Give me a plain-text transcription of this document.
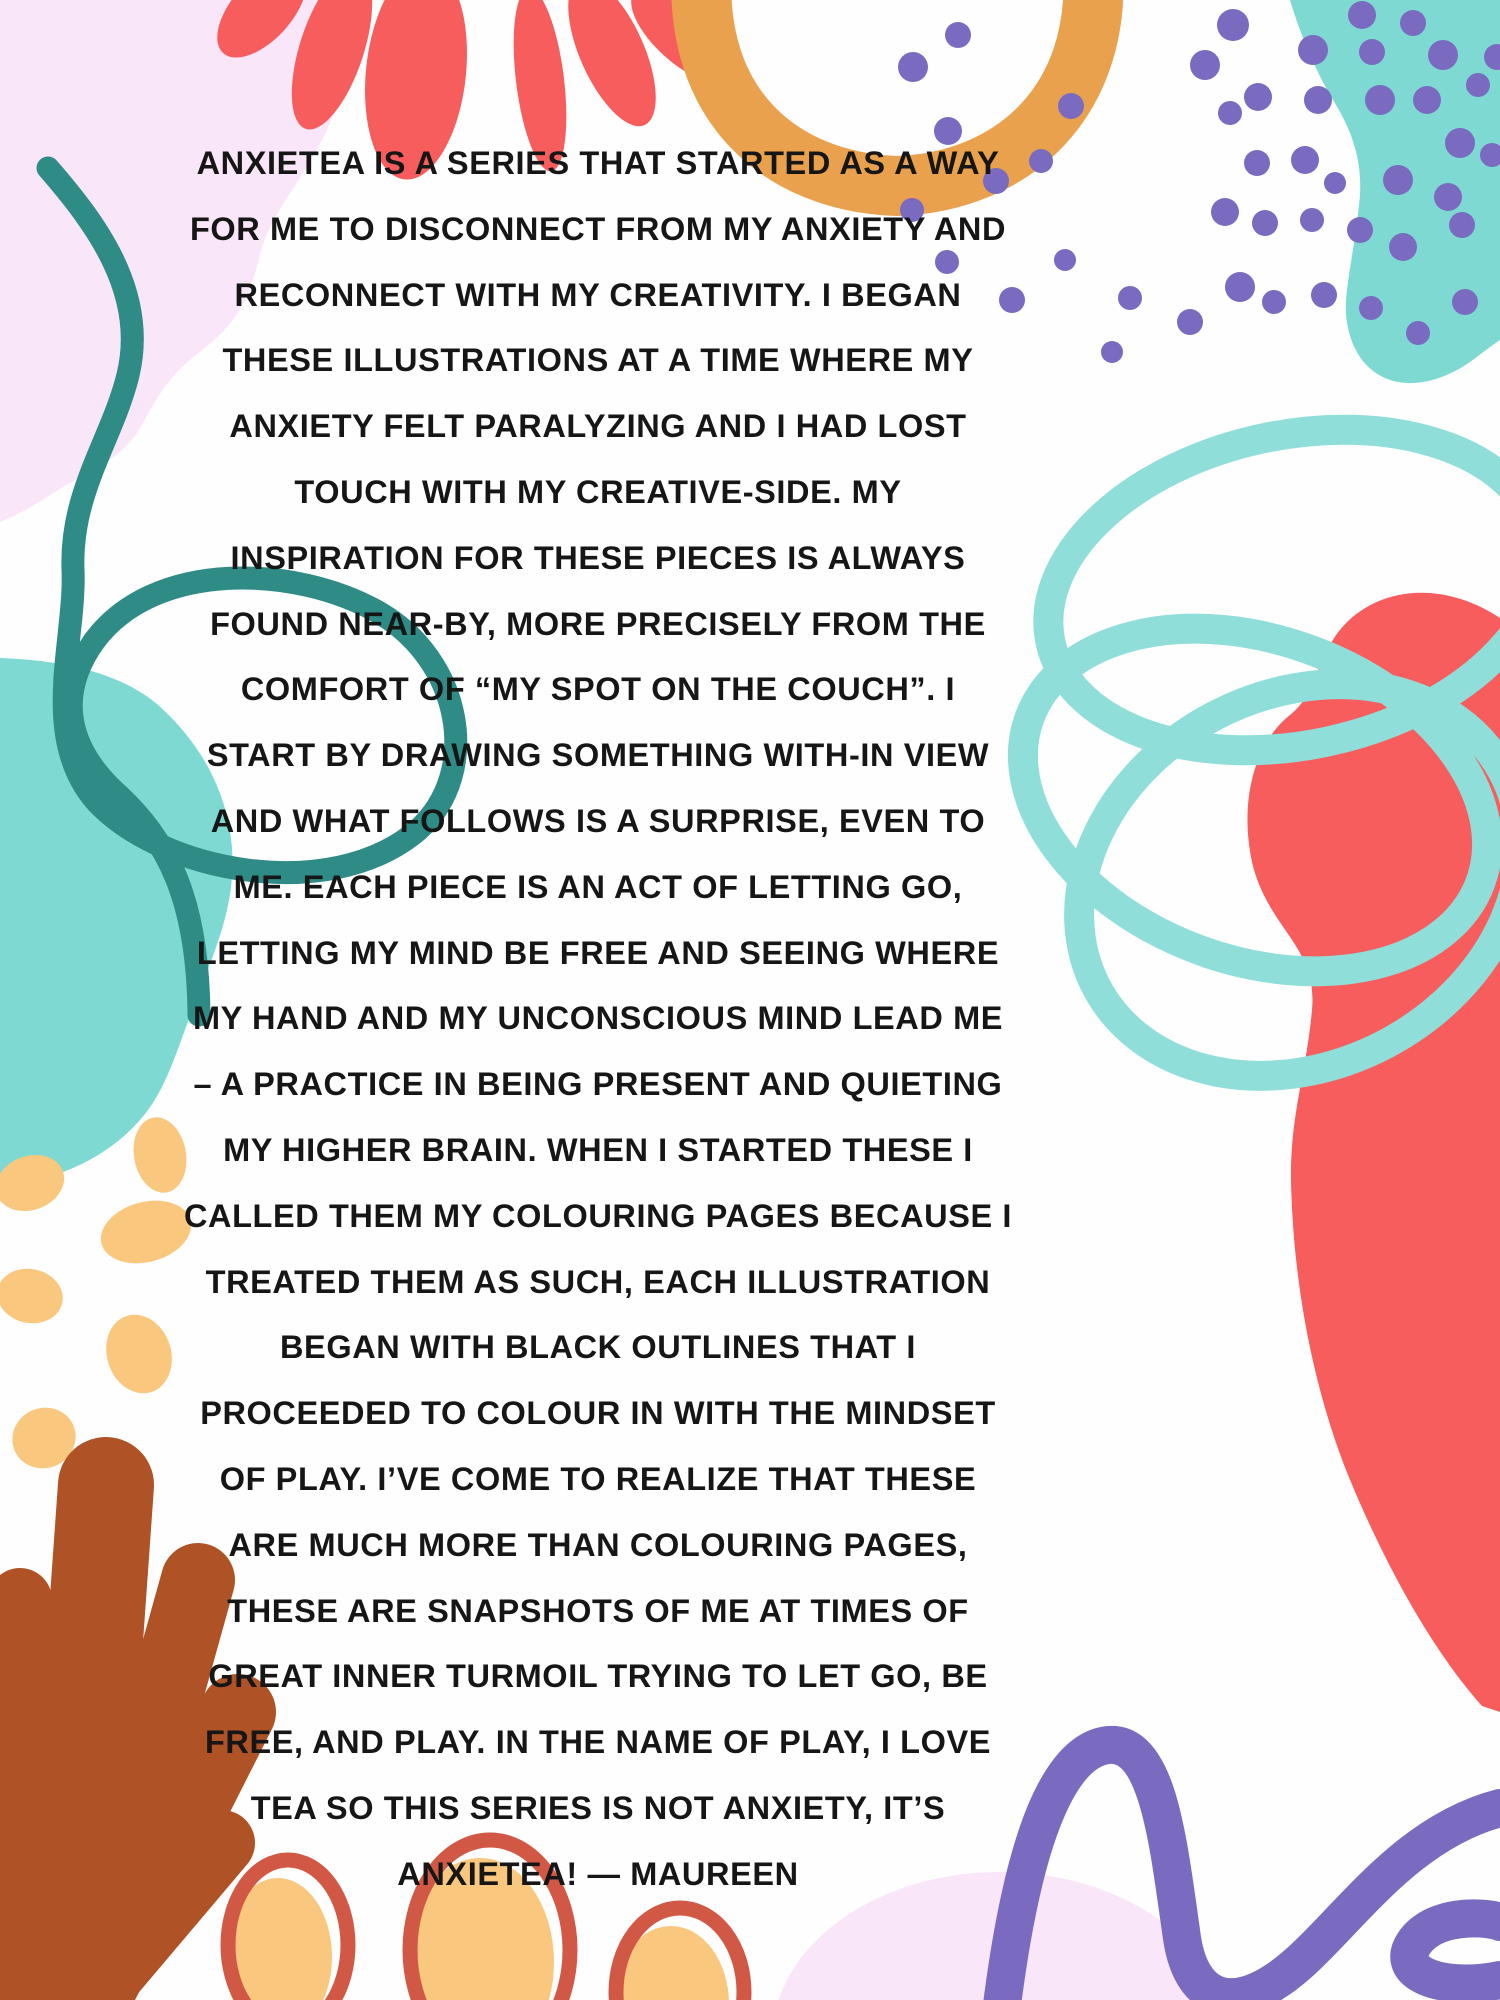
ANXIETEA IS A SERIES THAT STARTED AS A WAY
FOR ME TO DISCONNECT FROM MY ANXIETY AND
RECONNECT WITH MY CREATIVITY. I BEGAN
THESE ILLUSTRATIONS AT A TIME WHERE MY
ANXIETY FELT PARALYZING AND I HAD LOST
TOUCH WITH MY CREATIVE-SIDE. MY
INSPIRATION FOR THESE PIECES IS ALWAYS
FOUND NEAR-BY, MORE PRECISELY FROM THE
COMFORT OF “MY SPOT ON THE COUCH”. I
START BY DRAWING SOMETHING WITH-IN VIEW
AND WHAT FOLLOWS IS A SURPRISE, EVEN TO
ME. EACH PIECE IS AN ACT OF LETTING GO,
LETTING MY MIND BE FREE AND SEEING WHERE
MY HAND AND MY UNCONSCIOUS MIND LEAD ME
– A PRACTICE IN BEING PRESENT AND QUIETING
MY HIGHER BRAIN. WHEN I STARTED THESE I
CALLED THEM MY COLOURING PAGES BECAUSE I
TREATED THEM AS SUCH, EACH ILLUSTRATION
BEGAN WITH BLACK OUTLINES THAT I
PROCEEDED TO COLOUR IN WITH THE MINDSET
OF PLAY. I’VE COME TO REALIZE THAT THESE
ARE MUCH MORE THAN COLOURING PAGES,
THESE ARE SNAPSHOTS OF ME AT TIMES OF
GREAT INNER TURMOIL TRYING TO LET GO, BE
FREE, AND PLAY. IN THE NAME OF PLAY, I LOVE
TEA SO THIS SERIES IS NOT ANXIETY, IT’S
ANXIETEA! — MAUREEN
